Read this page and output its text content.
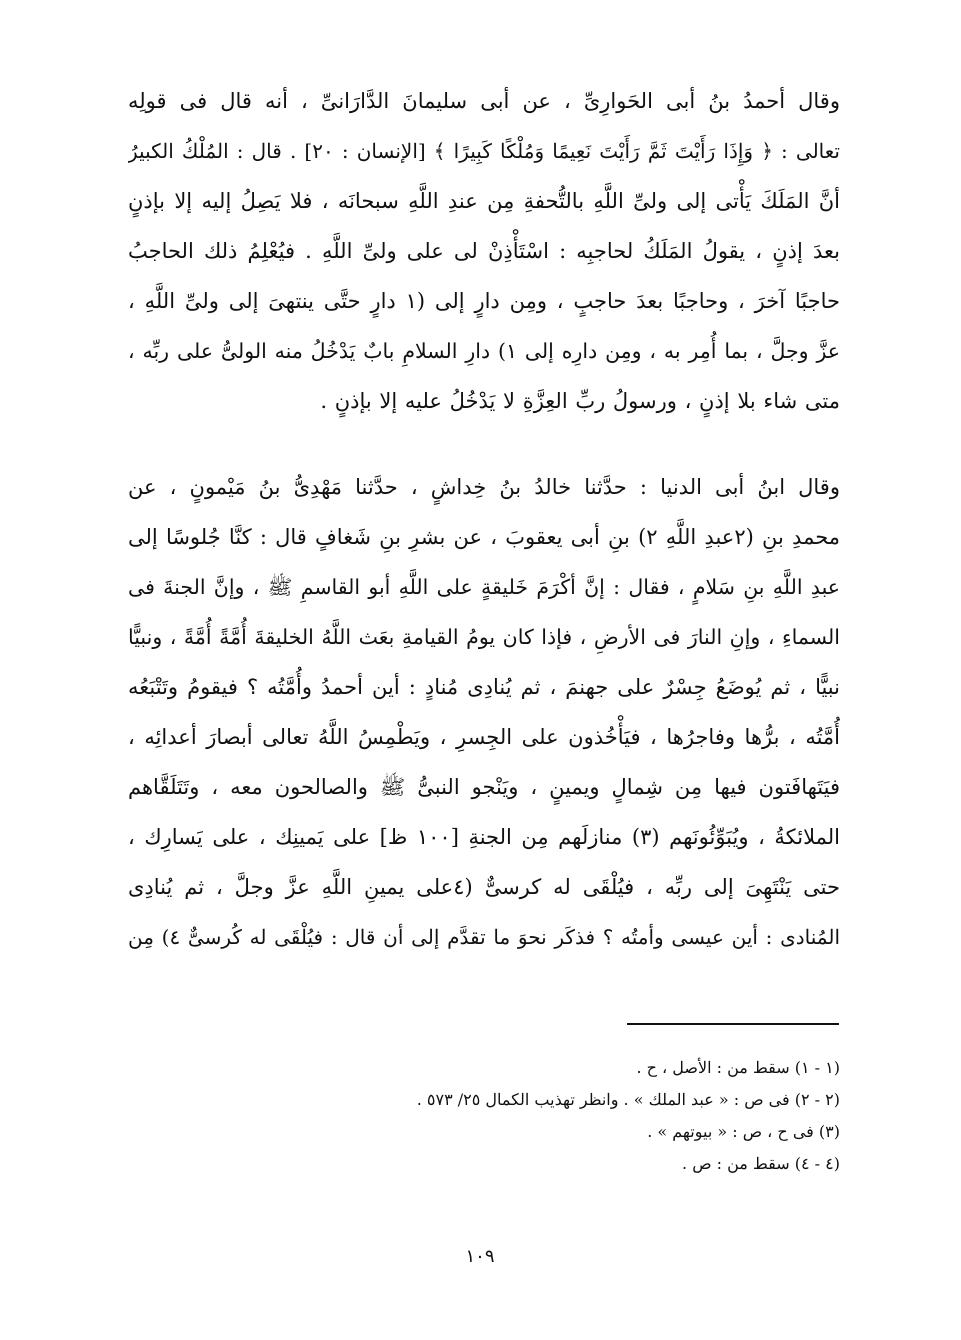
وقال أحمدُ بنُ أبى الحَوارِىِّ ، عن أبى سليمانَ الدَّارَانىِّ ، أنه قال فى قولِه
تعالى : ﴿ وَإِذَا رَأَيْتَ ثَمَّ رَأَيْتَ نَعِيمًا وَمُلْكًا كَبِيرًا ﴾ [الإنسان : ٢٠] . قال : المُلْكُ الكبيرُ
أنَّ المَلَكَ يَأْتى إلى ولىِّ اللَّهِ بالتُّحفةِ مِن عندِ اللَّهِ سبحانَه ، فلا يَصِلُ إليه إلا بإذنٍ
بعدَ إذنٍ ، يقولُ المَلَكُ لحاجبِه : اسْتَأْذِنْ لى على ولىِّ اللَّهِ . فيُعْلِمُ ذلك الحاجبُ
حاجبًا آخرَ ، وحاجبًا بعدَ حاجبٍ ، ومِن دارٍ إلى (١ دارٍ حتَّى ينتهىَ إلى ولىِّ اللَّهِ ،
عزَّ وجلَّ ، بما أُمِر به ، ومِن دارِه إلى ١) دارِ السلامِ بابٌ يَدْخُلُ منه الولىُّ على ربِّه ،
متى شاء بلا إذنٍ ، ورسولُ ربِّ العِزَّةِ لا يَدْخُلُ عليه إلا بإذنٍ .
وقال ابنُ أبى الدنيا : حدَّثنا خالدُ بنُ خِداشٍ ، حدَّثنا مَهْدِىُّ بنُ مَيْمونٍ ، عن
محمدِ بنِ (٢عبدِ اللَّهِ ٢) بنِ أبى يعقوبَ ، عن بشرِ بنِ شَغافٍ قال : كنَّا جُلوسًا إلى
عبدِ اللَّهِ بنِ سَلامٍ ، فقال : إنَّ أكْرَمَ خَليقةٍ على اللَّهِ أبو القاسمِ ﷺ ، وإنَّ الجنةَ فى
السماءِ ، وإنِ النارَ فى الأرضِ ، فإذا كان يومُ القيامةِ بعَث اللَّهُ الخليقةَ أُمَّةً أُمَّةً ، ونبيًّا
نبيًّا ، ثم يُوضَعُ جِسْرٌ على جهنمَ ، ثم يُنادِى مُنادٍ : أين أحمدُ وأُمَّتُه ؟ فيقومُ وتَتْبَعُه
أُمَّتُه ، برُّها وفاجرُها ، فيَأْخُذون على الجِسرِ ، ويَطْمِسُ اللَّهُ تعالى أبصارَ أعدائِه ،
فيَتَهافَتون فيها مِن شِمالٍ ويمينٍ ، ويَنْجو النبىُّ ﷺ والصالحون معه ، وتَتَلَقَّاهم
الملائكةُ ، ويُبَوِّئُونَهم (٣) منازلَهم مِن الجنةِ [١٠٠ ظ] على يَمينِك ، على يَسارِك ،
حتى يَنْتَهِىَ إلى ربِّه ، فيُلْقَى له كرسىٌّ (٤على يمينِ اللَّهِ عزَّ وجلَّ ، ثم يُنادِى
المُنادى : أين عيسى وأمتُه ؟ فذكَر نحوَ ما تقدَّم إلى أن قال : فيُلْقَى له كُرسىٌّ ٤) مِن
(١ - ١) سقط من : الأصل ، ح .
(٢ - ٢) فى ص : « عبد الملك » . وانظر تهذيب الكمال ٢٥/ ٥٧٣ .
(٣) فى ح ، ص : « بيوتهم » .
(٤ - ٤) سقط من : ص .
١٠٩
